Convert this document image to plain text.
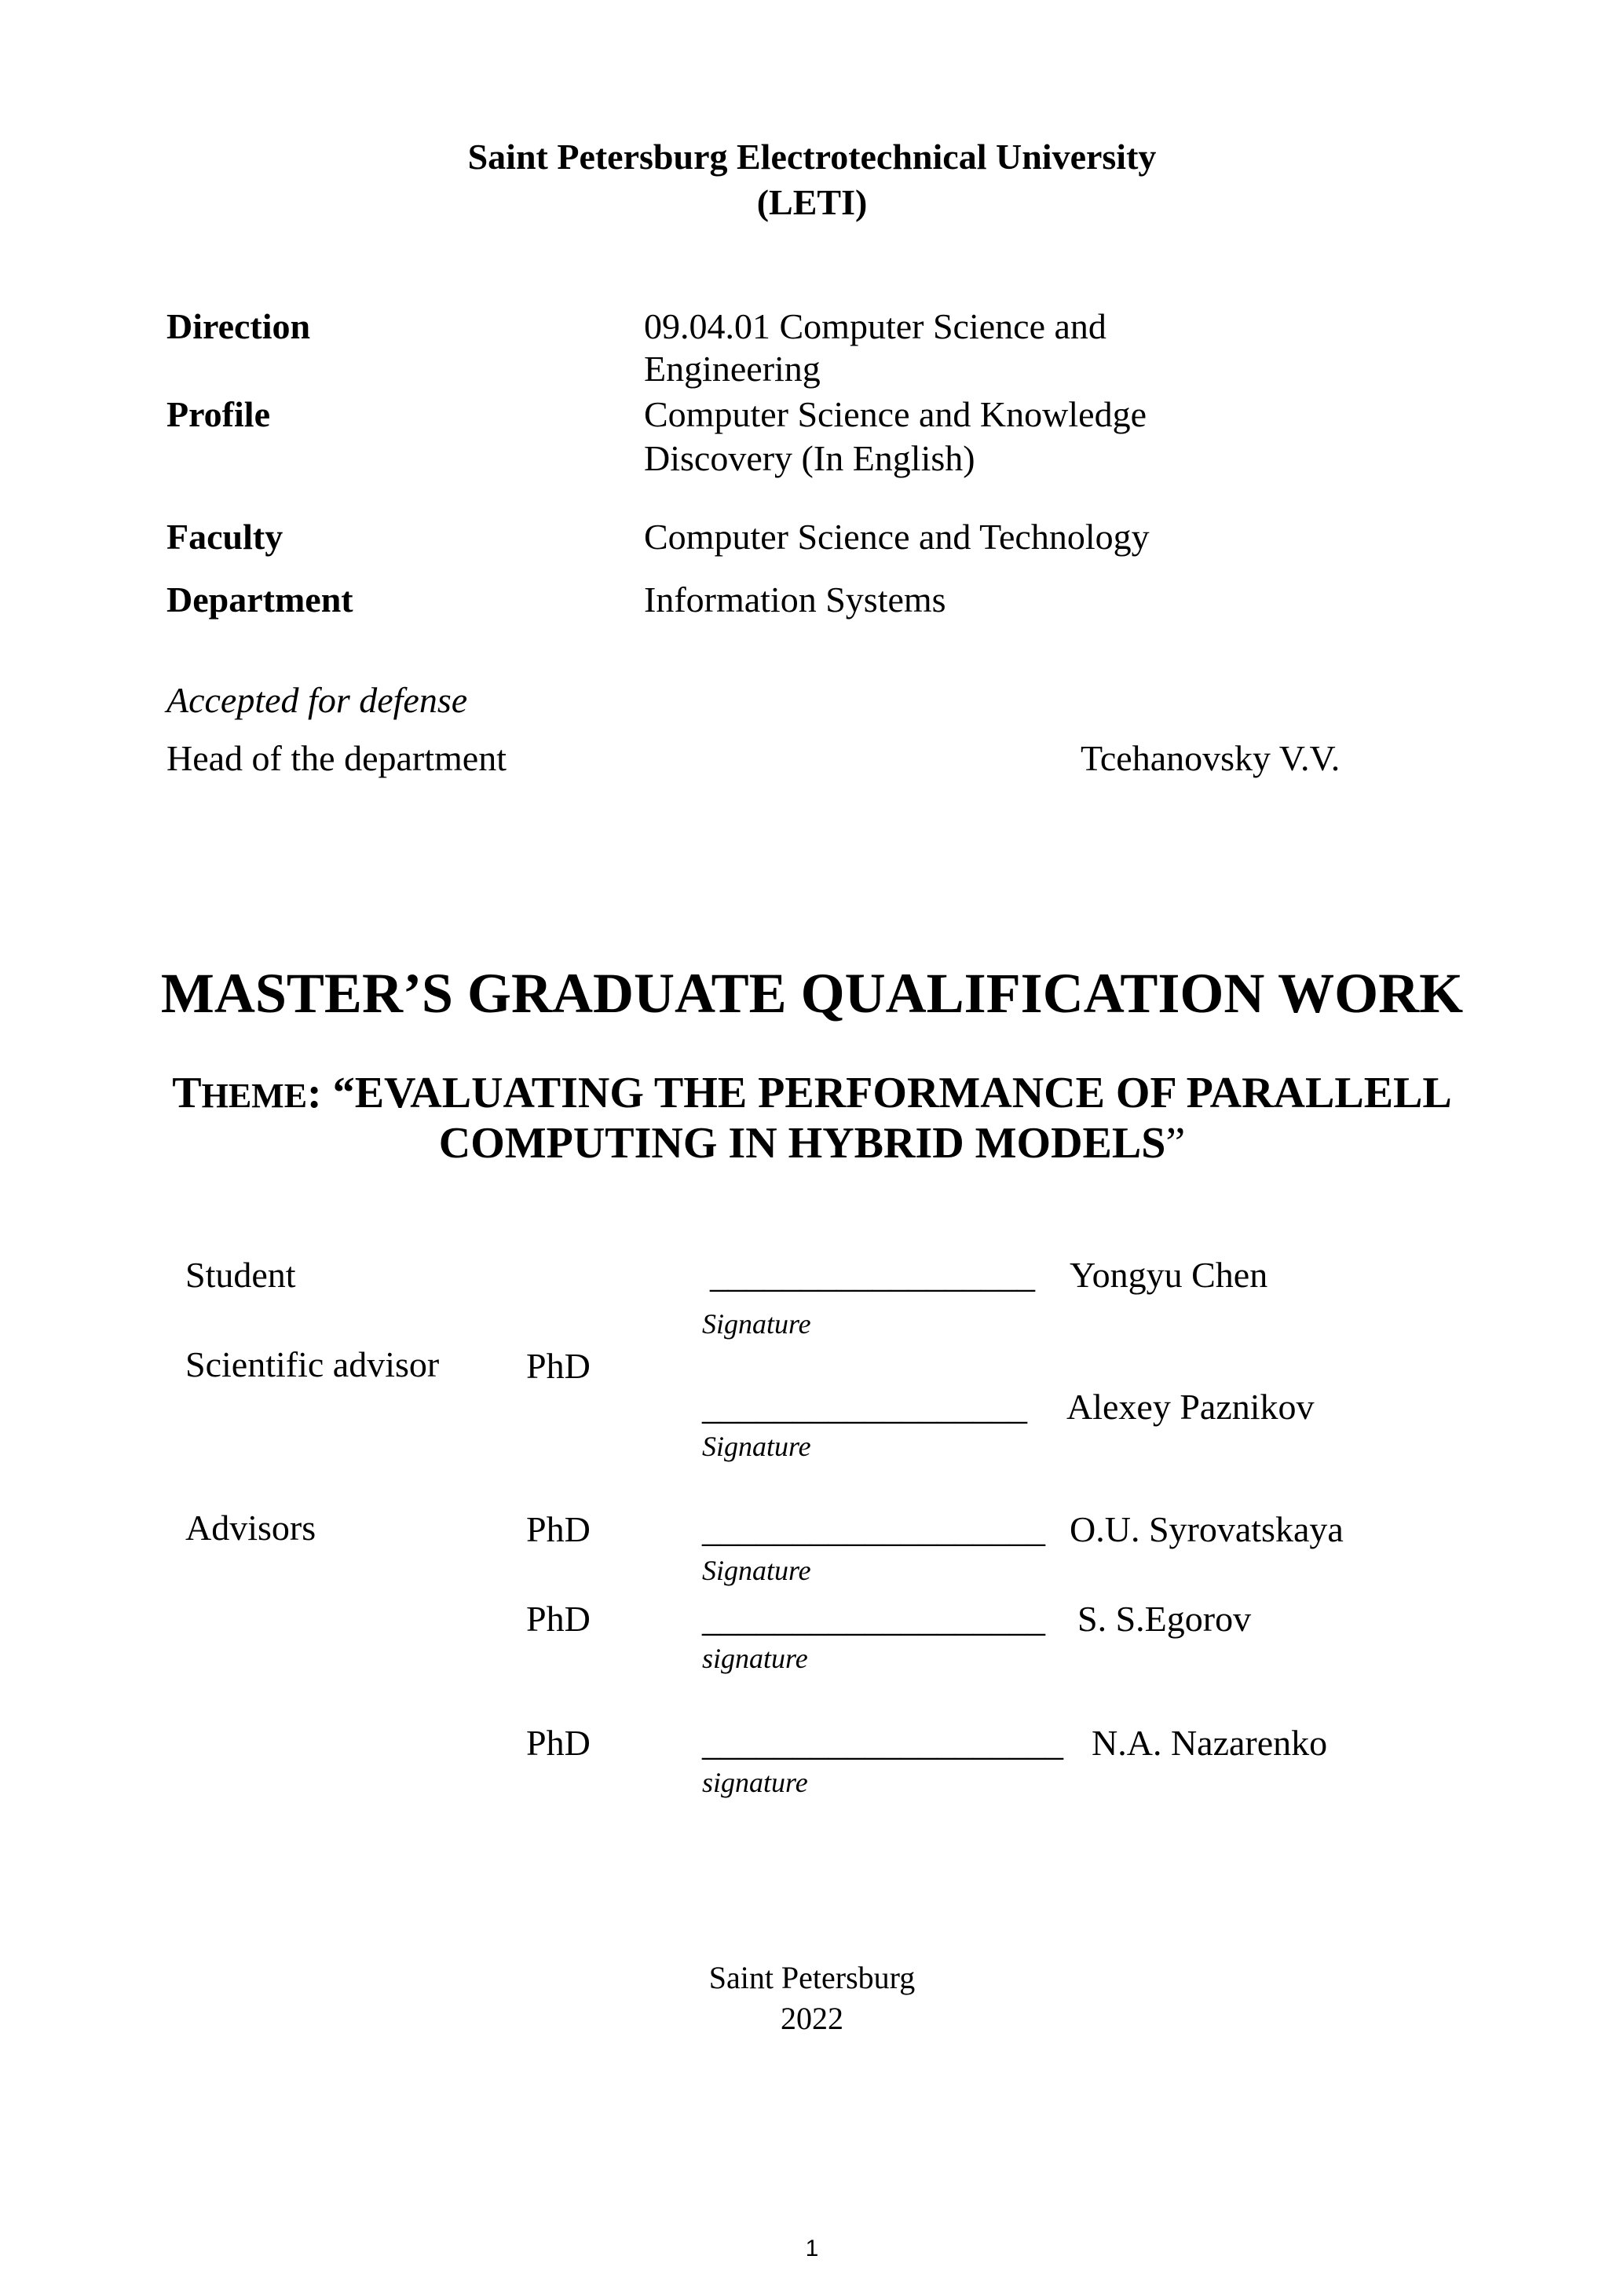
Saint Petersburg Electrotechnical University
(LETI)
Direction	09.04.01 Computer Science and
Engineering
Profile	Computer Science and Knowledge
Discovery (In English)
Faculty	Computer Science and Technology
Department	Information Systems
Accepted for defense
Head of the department	Tcehanovsky V.V.
MASTER’S GRADUATE QUALIFICATION WORK
THEME: “EVALUATING THE PERFORMANCE OF PARALLELL
COMPUTING IN HYBRID MODELS”
Student	__________________ Yongyu Chen
Signature
Scientific advisor PhD
__________________ Alexey Paznikov
Signature
Advisors	PhD	___________________ O.U. Syrovatskaya
Signature
PhD	___________________ S. S.Egorov
signature
PhD	____________________ N.A. Nazarenko
signature
Saint Petersburg
2022
1
